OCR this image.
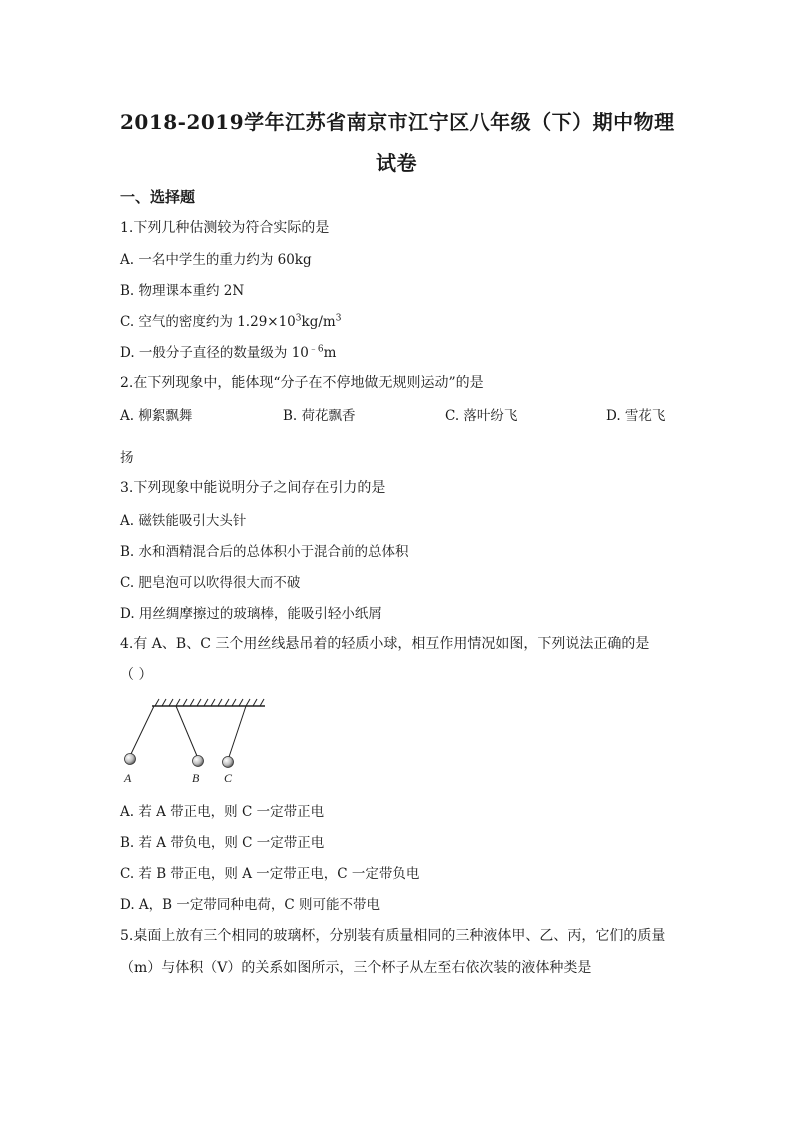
2018-2019学年江苏省南京市江宁区八年级（下）期中物理
试卷
一、选择题
1.下列几种估测较为符合实际的是
A. 一名中学生的重力约为 60kg
B. 物理课本重约 2N
C. 空气的密度约为 $1.29\times 10^3kg/m^3$
D. 一般分子直径的数量级为 $10^{﹣6}m$
2.在下列现象中，能体现“分子在不停地做无规则运动”的是
A. 柳絮飘舞	B. 荷花飘香	C. 落叶纷飞	D. 雪花飞
扬
3.下列现象中能说明分子之间存在引力的是
A. 磁铁能吸引大头针
B. 水和酒精混合后的总体积小于混合前的总体积
C. 肥皂泡可以吹得很大而不破
D. 用丝绸摩擦过的玻璃棒，能吸引轻小纸屑
4.有 A、B、C 三个用丝线悬吊着的轻质小球，相互作用情况如图，下列说法正确的是
（ ）
A	B C
A. 若 A 带正电，则 C 一定带正电
B. 若 A 带负电，则 C 一定带正电
C. 若 B 带正电，则 A 一定带正电，C 一定带负电
D. A，B 一定带同种电荷，C 则可能不带电
5.桌面上放有三个相同的玻璃杯，分别装有质量相同的三种液体甲、乙、丙，它们的质量
（m）与体积（V）的关系如图所示，三个杯子从左至右依次装的液体种类是
